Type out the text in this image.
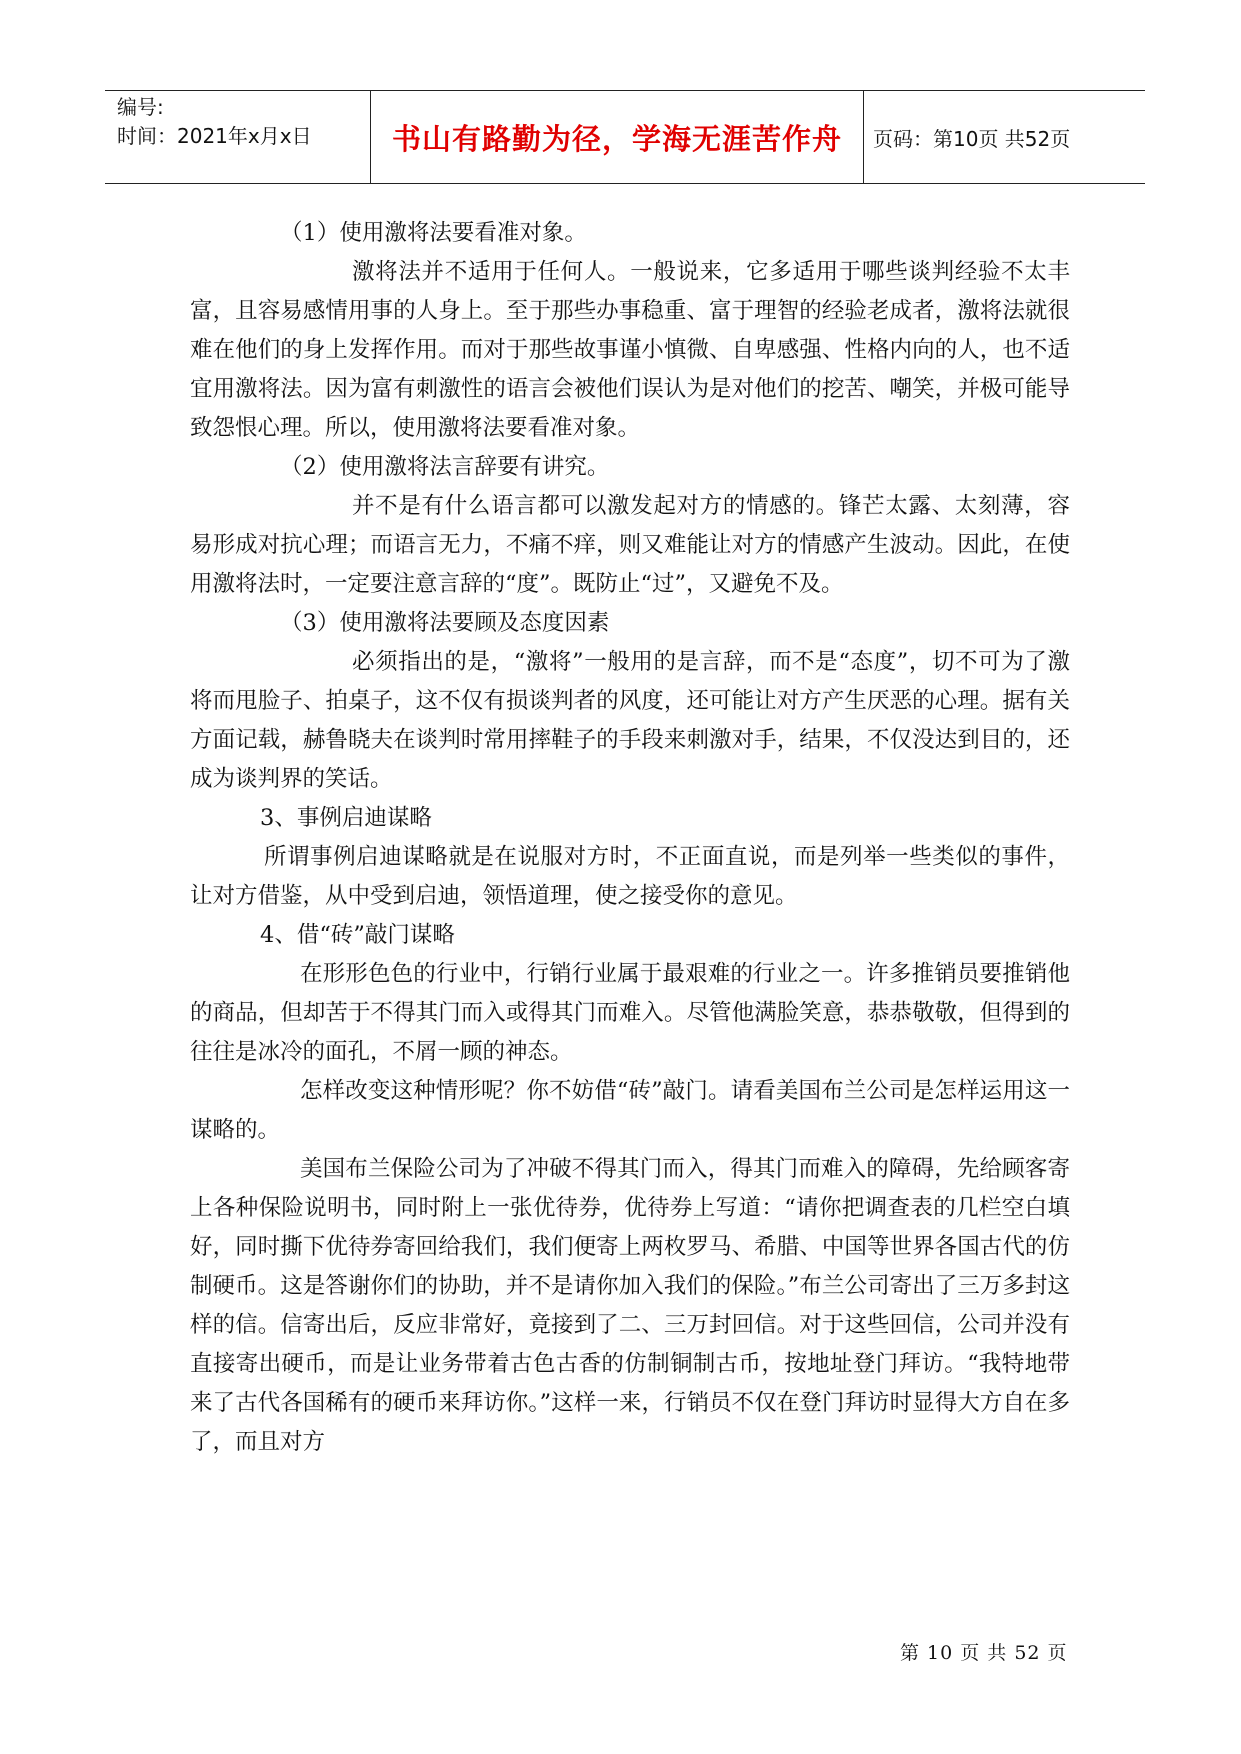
编号:
时间：2021年x月x日	书山有路勤为径，学海无涯苦作舟	页码：第10页 共52页

（1）使用激将法要看准对象。

激将法并不适用于任何人。一般说来，它多适用于哪些谈判经验不太丰富，且容易感情用事的人身上。至于那些办事稳重、富于理智的经验老成者，激将法就很难在他们的身上发挥作用。而对于那些故事谨小慎微、自卑感强、性格内向的人，也不适宜用激将法。因为富有刺激性的语言会被他们误认为是对他们的挖苦、嘲笑，并极可能导致怨恨心理。所以，使用激将法要看准对象。

（2）使用激将法言辞要有讲究。

并不是有什么语言都可以激发起对方的情感的。锋芒太露、太刻薄，容易形成对抗心理；而语言无力，不痛不痒，则又难能让对方的情感产生波动。因此，在使用激将法时，一定要注意言辞的“度”。既防止“过”，又避免不及。

（3）使用激将法要顾及态度因素

必须指出的是，“激将”一般用的是言辞，而不是“态度”，切不可为了激将而甩脸子、拍桌子，这不仅有损谈判者的风度，还可能让对方产生厌恶的心理。据有关方面记载，赫鲁晓夫在谈判时常用摔鞋子的手段来刺激对手，结果，不仅没达到目的，还成为谈判界的笑话。

3、事例启迪谋略

所谓事例启迪谋略就是在说服对方时，不正面直说，而是列举一些类似的事件，让对方借鉴，从中受到启迪，领悟道理，使之接受你的意见。

4、借“砖”敲门谋略

在形形色色的行业中，行销行业属于最艰难的行业之一。许多推销员要推销他的商品，但却苦于不得其门而入或得其门而难入。尽管他满脸笑意，恭恭敬敬，但得到的往往是冰冷的面孔，不屑一顾的神态。

怎样改变这种情形呢？你不妨借“砖”敲门。请看美国布兰公司是怎样运用这一谋略的。

美国布兰保险公司为了冲破不得其门而入，得其门而难入的障碍，先给顾客寄上各种保险说明书，同时附上一张优待券，优待券上写道：“请你把调查表的几栏空白填好，同时撕下优待券寄回给我们，我们便寄上两枚罗马、希腊、中国等世界各国古代的仿制硬币。这是答谢你们的协助，并不是请你加入我们的保险。”布兰公司寄出了三万多封这样的信。信寄出后，反应非常好，竟接到了二、三万封回信。对于这些回信，公司并没有直接寄出硬币，而是让业务带着古色古香的仿制铜制古币，按地址登门拜访。“我特地带来了古代各国稀有的硬币来拜访你。”这样一来，行销员不仅在登门拜访时显得大方自在多了，而且对方

第 10 页 共 52 页
